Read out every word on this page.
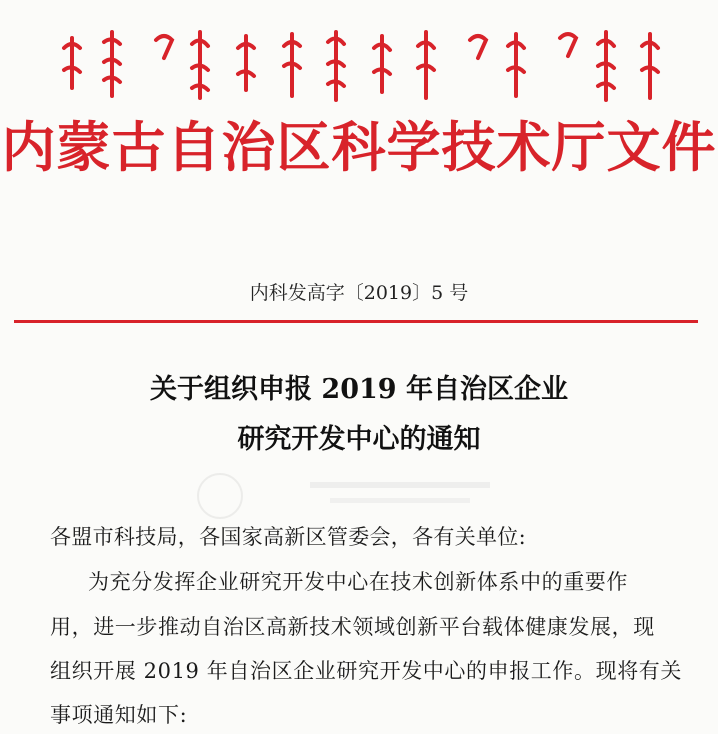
内蒙古自治区科学技术厅文件
内科发高字〔2019〕5 号
关于组织申报 2019 年自治区企业
研究开发中心的通知
各盟市科技局，各国家高新区管委会，各有关单位:
为充分发挥企业研究开发中心在技术创新体系中的重要作
用，进一步推动自治区高新技术领域创新平台载体健康发展，现
组织开展 2019 年自治区企业研究开发中心的申报工作。现将有关
事项通知如下:
